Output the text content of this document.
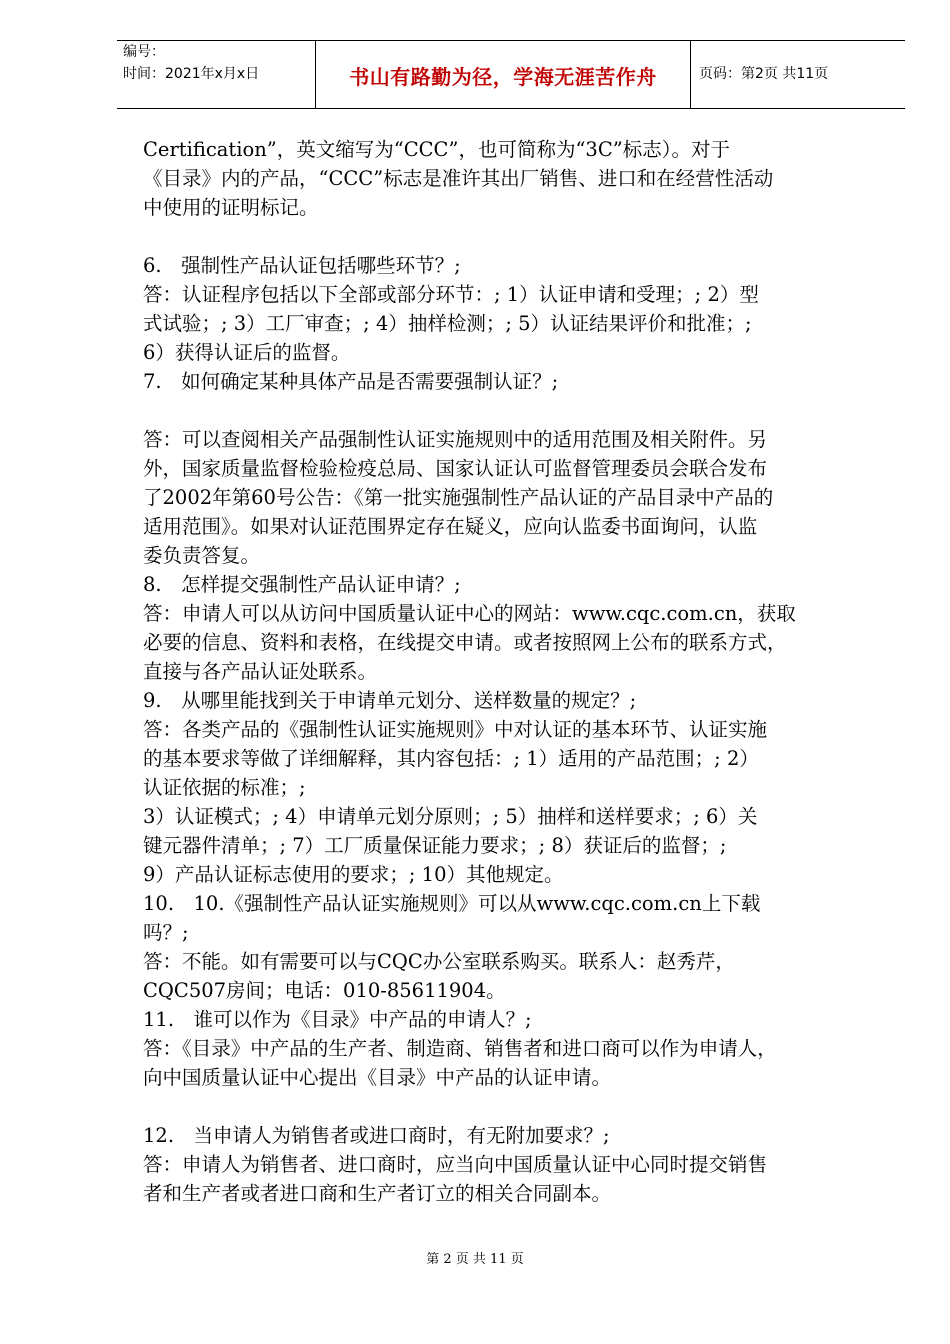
编号：
时间：2021年x月x日	书山有路勤为径，学海无涯苦作舟	页码：第2页 共11页

Certification”，英文缩写为“CCC”，也可简称为“3C”标志）。对于

《目录》内的产品，“CCC”标志是准许其出厂销售、进口和在经营性活动

中使用的证明标记。

6.　强制性产品认证包括哪些环节？;

答：认证程序包括以下全部或部分环节：; 1）认证申请和受理；; 2）型

式试验；; 3）工厂审查；; 4）抽样检测；; 5）认证结果评价和批准；;

6）获得认证后的监督。

7.　如何确定某种具体产品是否需要强制认证？;

答：可以查阅相关产品强制性认证实施规则中的适用范围及相关附件。另

外，国家质量监督检验检疫总局、国家认证认可监督管理委员会联合发布

了2002年第60号公告：《第一批实施强制性产品认证的产品目录中产品的

适用范围》。如果对认证范围界定存在疑义，应向认监委书面询问，认监

委负责答复。

8.　怎样提交强制性产品认证申请？;

答：申请人可以从访问中国质量认证中心的网站：www.cqc.com.cn，获取

必要的信息、资料和表格，在线提交申请。或者按照网上公布的联系方式，

直接与各产品认证处联系。

9.　从哪里能找到关于申请单元划分、送样数量的规定？;

答：各类产品的《强制性认证实施规则》中对认证的基本环节、认证实施

的基本要求等做了详细解释，其内容包括：; 1）适用的产品范围；; 2）

认证依据的标准；;

3）认证模式；; 4）申请单元划分原则；; 5）抽样和送样要求；; 6）关

键元器件清单；; 7）工厂质量保证能力要求；; 8）获证后的监督；;

9）产品认证标志使用的要求；; 10）其他规定。

10.　10.《强制性产品认证实施规则》可以从www.cqc.com.cn上下载

吗？;

答：不能。如有需要可以与CQC办公室联系购买。联系人：赵秀芹，

CQC507房间；电话：010-85611904。

11.　谁可以作为《目录》中产品的申请人？;

答：《目录》中产品的生产者、制造商、销售者和进口商可以作为申请人，

向中国质量认证中心提出《目录》中产品的认证申请。

12.　当申请人为销售者或进口商时，有无附加要求？;

答：申请人为销售者、进口商时，应当向中国质量认证中心同时提交销售

者和生产者或者进口商和生产者订立的相关合同副本。

第 2 页 共 11 页
